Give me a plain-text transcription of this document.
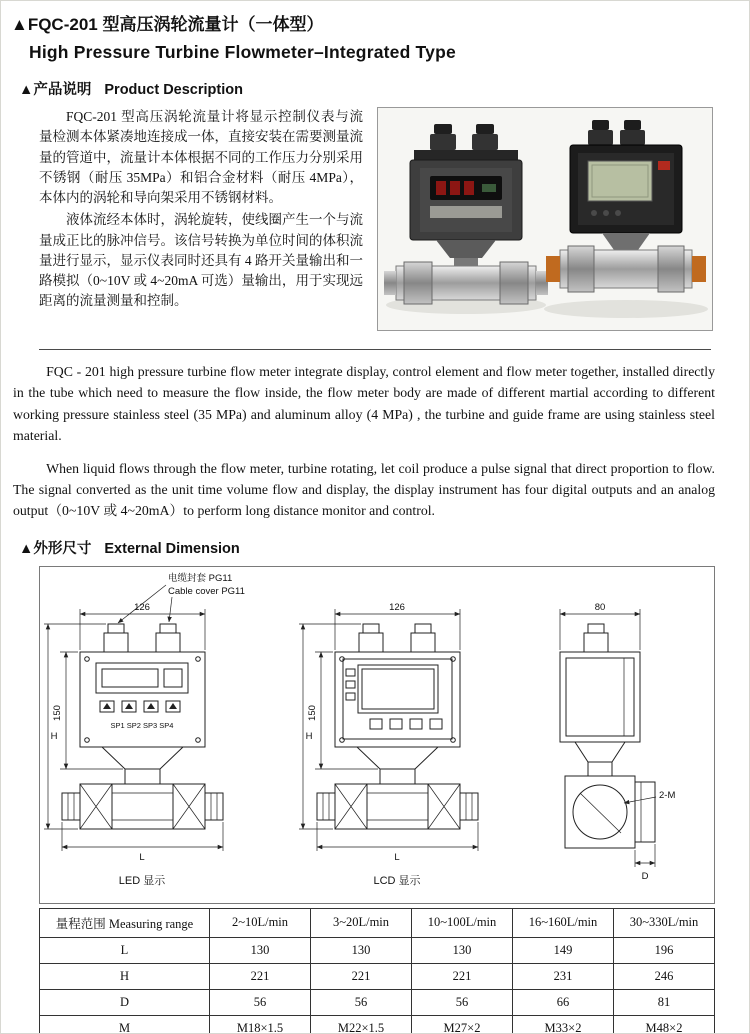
▲FQC-201 型高压涡轮流量计（一体型）
High Pressure Turbine Flowmeter–Integrated Type
▲产品说明 Product Description

FQC-201 型高压涡轮流量计将显示控制仪表与流量检测本体紧凑地连接成一体，直接安装在需要测量流量的管道中，流量计本体根据不同的工作压力分别采用不锈钢（耐压 35MPa）和铝合金材料（耐压 4MPa），本体内的涡轮和导向架采用不锈钢材料。

液体流经本体时，涡轮旋转，使线圈产生一个与流量成正比的脉冲信号。该信号转换为单位时间的体积流量进行显示，显示仪表同时还具有 4 路开关量输出和一路模拟（0~10V 或 4~20mA 可选）量输出，用于实现远距离的流量测量和控制。

FQC - 201 high pressure turbine flow meter integrate display, control element and flow meter together, installed directly in the tube which need to measure the flow inside, the flow meter body are made of different martial according to different working pressure stainless steel (35 MPa) and aluminum alloy (4 MPa) , the turbine and guide frame are using stainless steel material.

When liquid flows through the flow meter, turbine rotating, let coil produce a pulse signal that direct proportion to flow. The signal converted as the unit time volume flow and display, the display instrument has four digital outputs and an analog output（0~10V 或 4~20mA）to perform long distance monitor and control.

▲外形尺寸 External Dimension
电缆封套 PG11
Cable cover PG11
126
150
H
L
SP1 SP2 SP3 SP4
LED 显示
126
150
H
L
LCD 显示
80
2-M
D
量程范围 Measuring range	2~10L/min	3~20L/min	10~100L/min	16~160L/min	30~330L/min
L	130	130	130	149	196
H	221	221	221	231	246
D	56	56	56	66	81
M	M18×1.5	M22×1.5	M27×2	M33×2	M48×2
